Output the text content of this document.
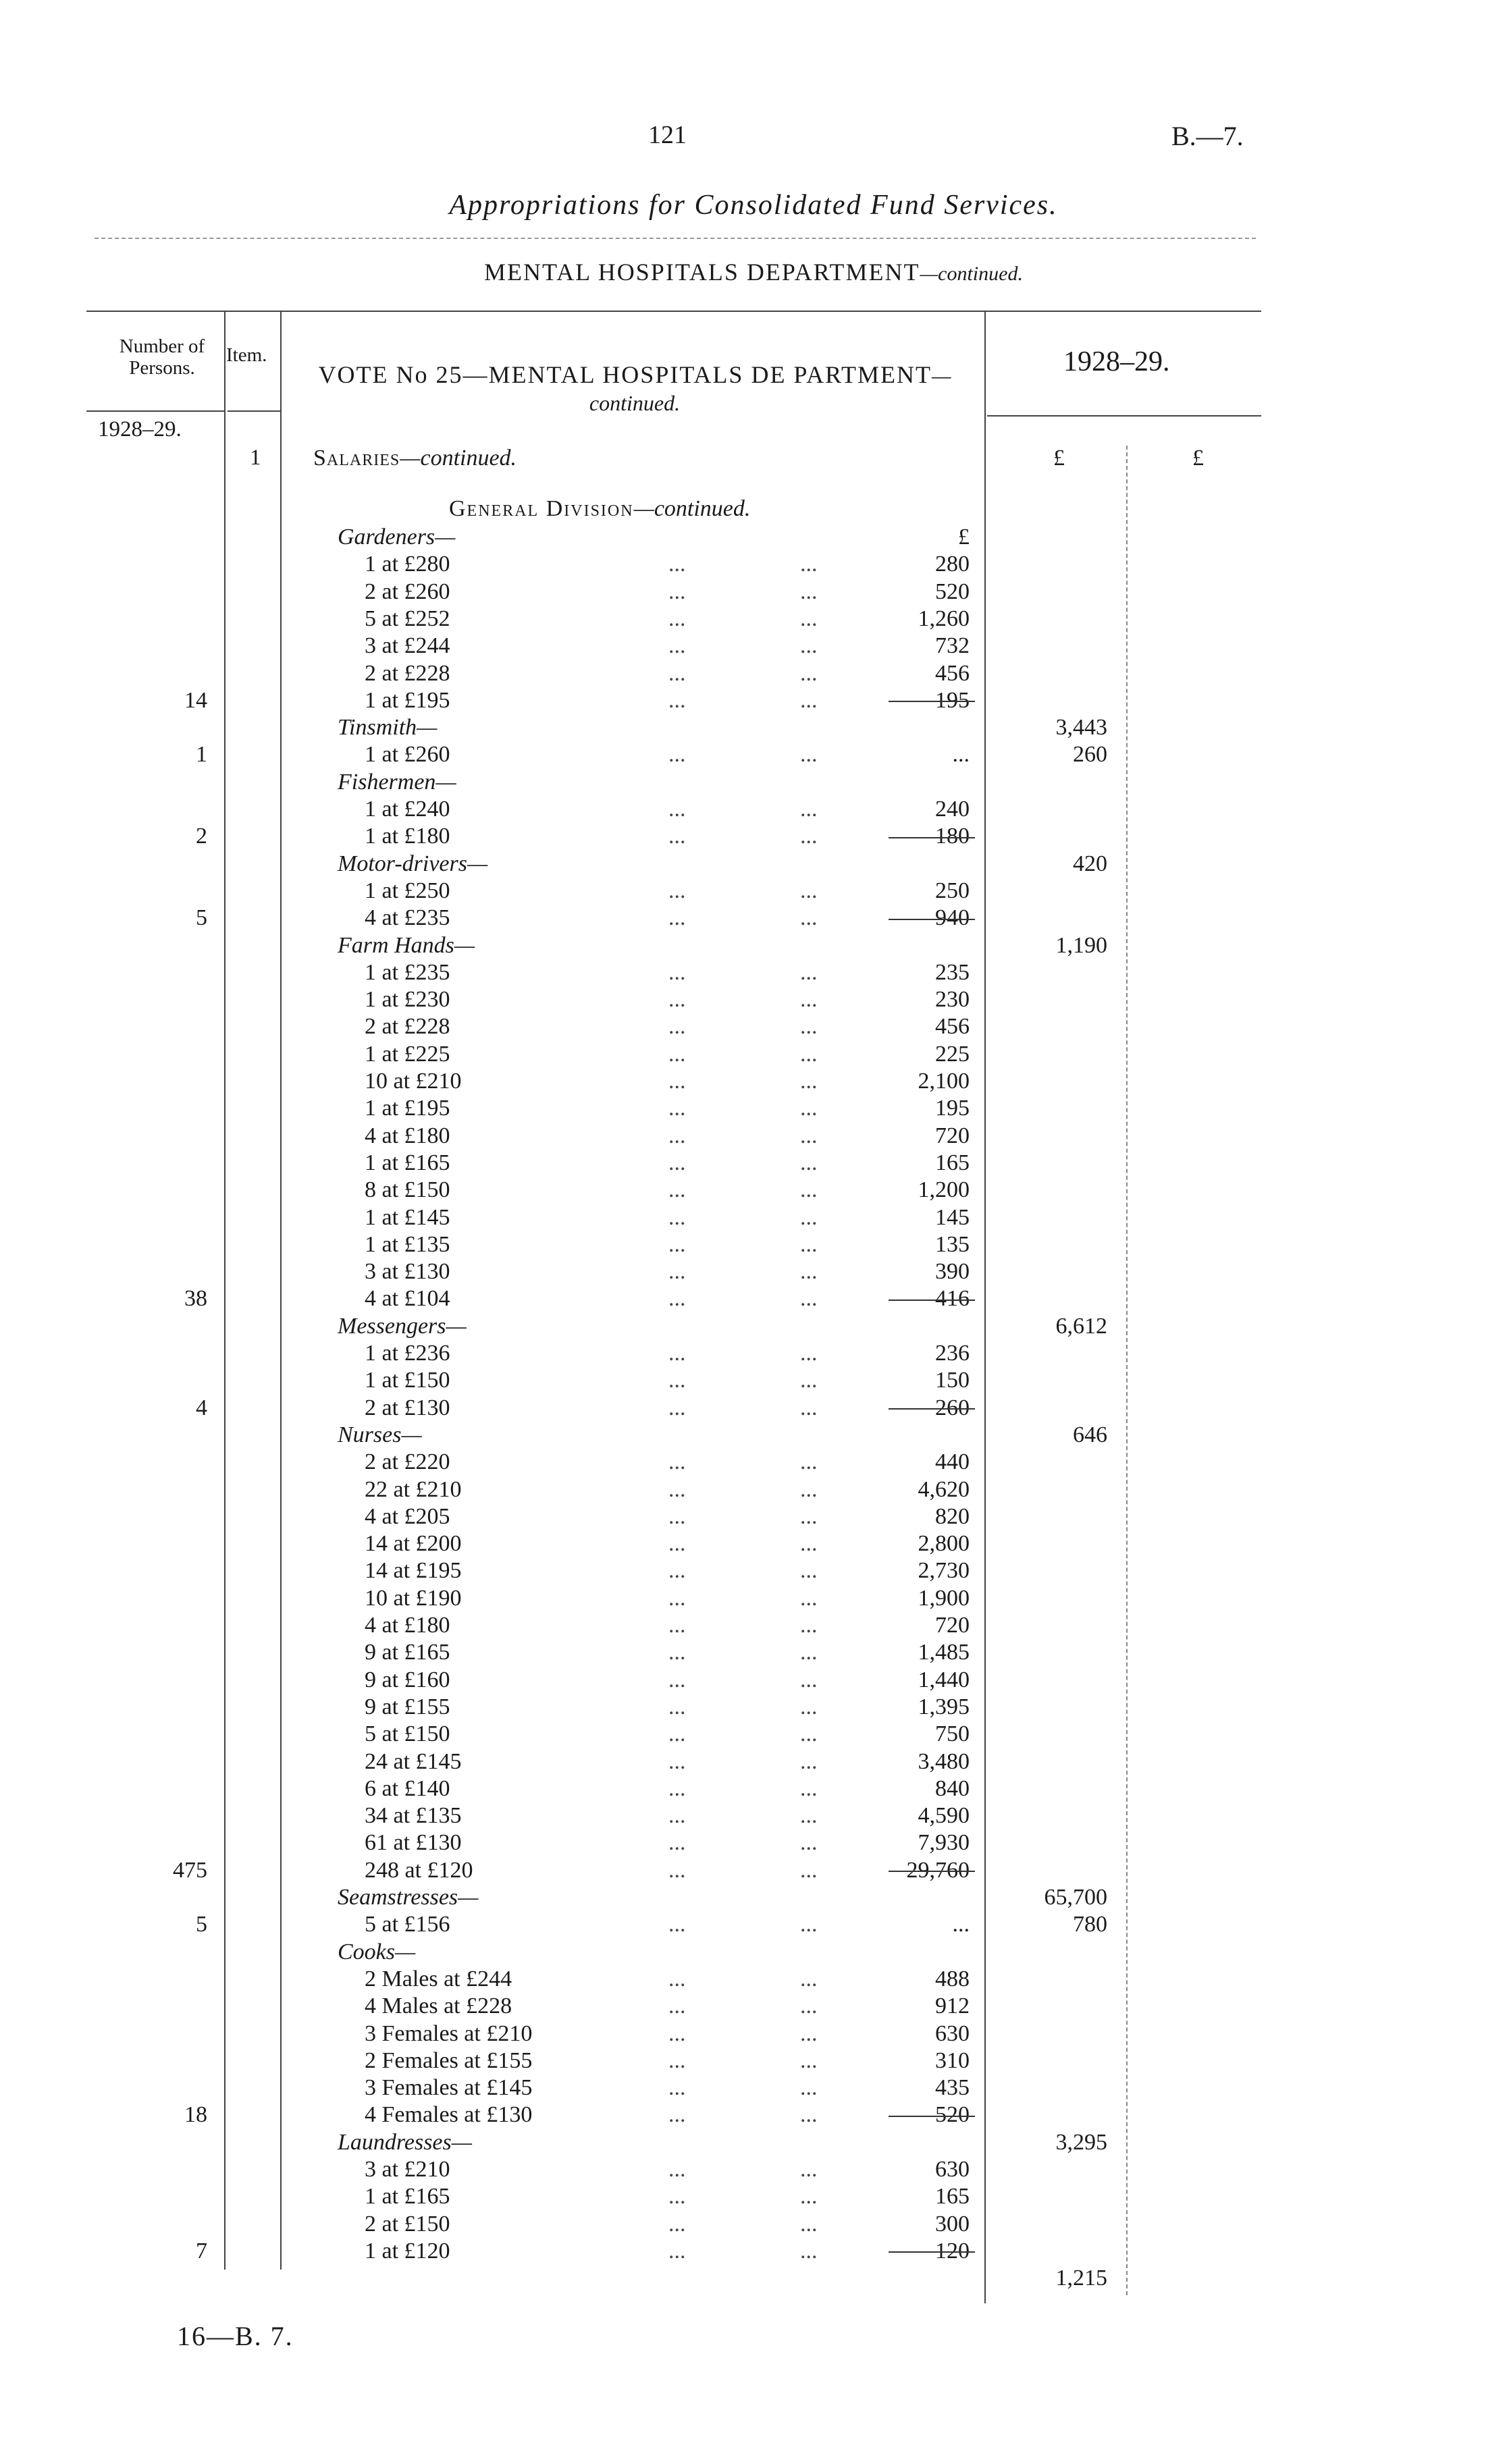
121	B.—7.
Appropriations for Consolidated Fund Services.
MENTAL HOSPITALS DEPARTMENT—continued.
Number of Persons.
Item.
VOTE No 25—MENTAL HOSPITALS DE PARTMENT—continued.
1928–29.
1928–29.
1 Salaries—continued.	£	£
General Division—continued.
Gardeners—	£
1 at £280	...	...	280
2 at £260	...	...	520
5 at £252	...	...	1,260
3 at £244	...	...	732
2 at £228	...	...	456
14	1 at £195	...	...	195
Tinsmith—	3,443
1	1 at £260	...	...	...	260
Fishermen—
1 at £240	...	...	240
2	1 at £180	...	...	180
Motor-drivers—	420
1 at £250	...	...	250
5	4 at £235	...	...	940
Farm Hands—	1,190
1 at £235	...	...	235
1 at £230	...	...	230
2 at £228	...	...	456
1 at £225	...	...	225
10 at £210	...	...	2,100
1 at £195	...	...	195
4 at £180	...	...	720
1 at £165	...	...	165
8 at £150	...	...	1,200
1 at £145	...	...	145
1 at £135	...	...	135
3 at £130	...	...	390
38	4 at £104	...	...	416
Messengers—	6,612
1 at £236	...	...	236
1 at £150	...	...	150
4	2 at £130	...	...	260
Nurses—	646
2 at £220	...	...	440
22 at £210	...	...	4,620
4 at £205	...	...	820
14 at £200	...	...	2,800
14 at £195	...	...	2,730
10 at £190	...	...	1,900
4 at £180	...	...	720
9 at £165	...	...	1,485
9 at £160	...	...	1,440
9 at £155	...	...	1,395
5 at £150	...	...	750
24 at £145	...	...	3,480
6 at £140	...	...	840
34 at £135	...	...	4,590
61 at £130	...	...	7,930
475	248 at £120	...	...	29,760
Seamstresses—	65,700
5	5 at £156	...	...	...	780
Cooks—
2 Males at £244	...	...	488
4 Males at £228	...	...	912
3 Females at £210	...	...	630
2 Females at £155	...	...	310
3 Females at £145	...	...	435
18	4 Females at £130	...	...	520
Laundresses—	3,295
3 at £210	...	...	630
1 at £165	...	...	165
2 at £150	...	...	300
7	1 at £120	...	...	120
1,215
16—B. 7.
